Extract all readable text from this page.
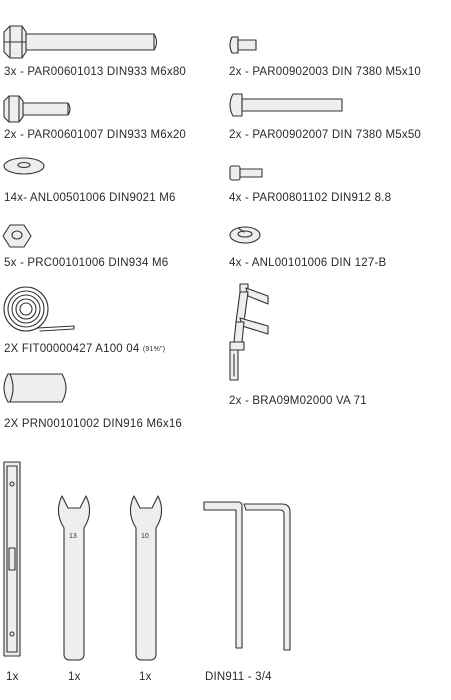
3x - PAR00601013 DIN933 M6x80	2x - PAR00902003 DIN 7380 M5x10
2x - PAR00601007 DIN933 M6x20	2x - PAR00902007 DIN 7380 M5x50
14x- ANL00501006 DIN9021 M6	4x - PAR00801102 DIN912 8.8
5x - PRC00101006 DIN934 M6	4x - ANL00101006 DIN 127-B
2X FIT00000427 A100 04 (91%")
2x - BRA09M02000 VA 71
2X PRN00101002 DIN916 M6x16
1x
13
1x
10
1x	DIN911 - 3/4
